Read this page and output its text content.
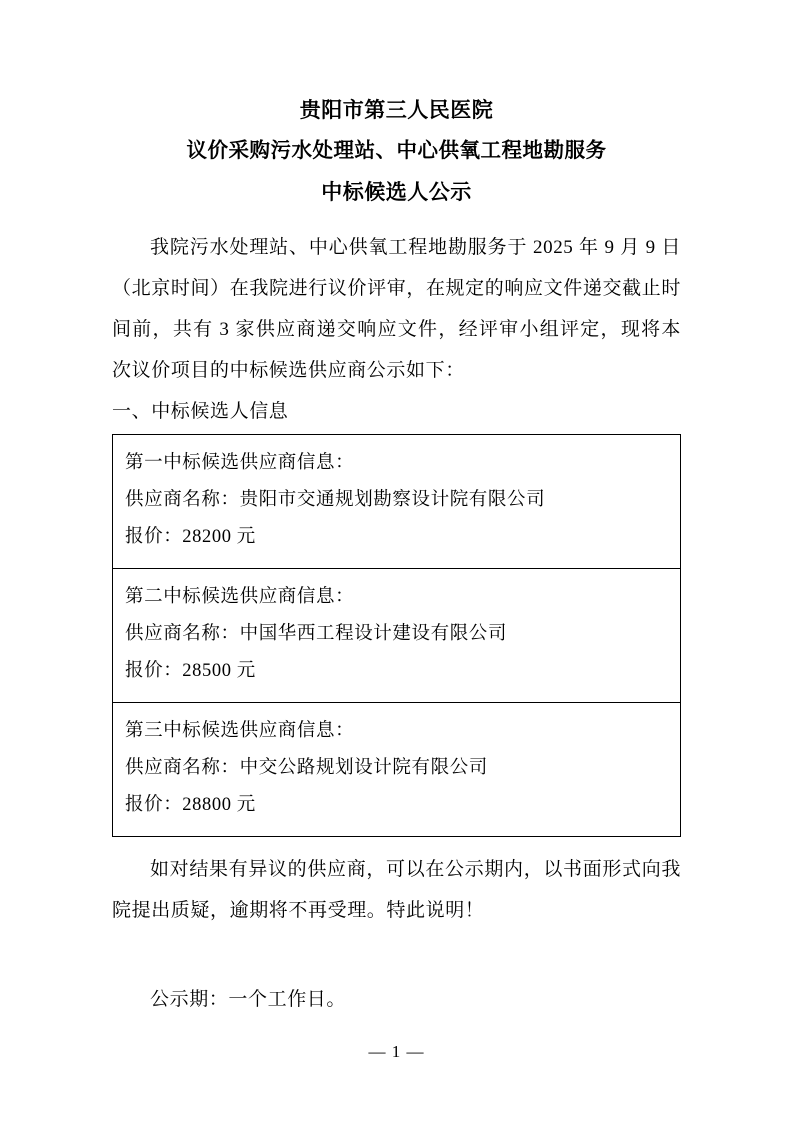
贵阳市第三人民医院
议价采购污水处理站、中心供氧工程地勘服务
中标候选人公示
我院污水处理站、中心供氧工程地勘服务于 2025 年 9 月 9 日（北京时间）在我院进行议价评审，在规定的响应文件递交截止时间前，共有 3 家供应商递交响应文件，经评审小组评定，现将本次议价项目的中标候选供应商公示如下：
一、中标候选人信息
第一中标候选供应商信息：
供应商名称：贵阳市交通规划勘察设计院有限公司
报价：28200 元

第二中标候选供应商信息：
供应商名称：中国华西工程设计建设有限公司
报价：28500 元

第三中标候选供应商信息：
供应商名称：中交公路规划设计院有限公司
报价：28800 元
如对结果有异议的供应商，可以在公示期内，以书面形式向我院提出质疑，逾期将不再受理。特此说明！
公示期：一个工作日。
— 1 —
